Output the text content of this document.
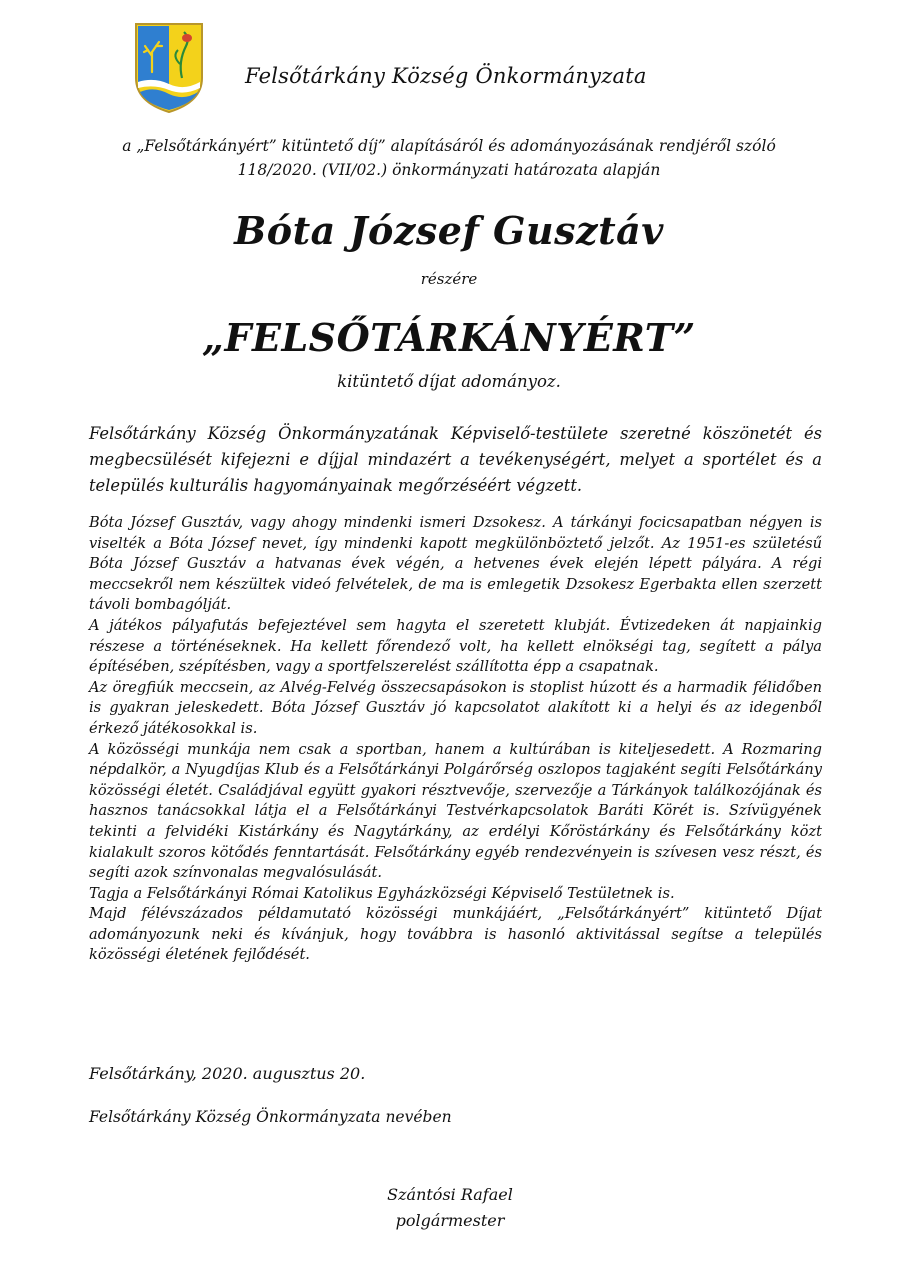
Felsőtárkány Község Önkormányzata
a „Felsőtárkányért” kitüntető díj” alapításáról és adományozásának rendjéről szóló
118/2020. (VII/02.) önkormányzati határozata alapján
Bóta József Gusztáv
részére
„FELSŐTÁRKÁNYÉRT”
kitüntető díjat adományoz.
Felsőtárkány Község Önkormányzatának Képviselő-testülete szeretné köszönetét és megbecsülését kifejezni e díjjal mindazért a tevékenységért, melyet a sportélet és a település kulturális hagyományainak megőrzéséért végzett.

Bóta József Gusztáv, vagy ahogy mindenki ismeri Dzsokesz. A tárkányi focicsapatban négyen is viselték a Bóta József nevet, így mindenki kapott megkülönböztető jelzőt. Az 1951-es születésű Bóta József Gusztáv a hatvanas évek végén, a hetvenes évek elején lépett pályára. A régi meccsekről nem készültek videó felvételek, de ma is emlegetik Dzsokesz Egerbakta ellen szerzett távoli bombagólját.

A játékos pályafutás befejeztével sem hagyta el szeretett klubját. Évtizedeken át napjainkig részese a történéseknek. Ha kellett főrendező volt, ha kellett elnökségi tag, segített a pálya építésében, szépítésben, vagy a sportfelszerelést szállította épp a csapatnak.

Az öregfiúk meccsein, az Alvég-Felvég összecsapásokon is stoplist húzott és a harmadik félidőben is gyakran jeleskedett. Bóta József Gusztáv jó kapcsolatot alakított ki a helyi és az idegenből érkező játékosokkal is.

A közösségi munkája nem csak a sportban, hanem a kultúrában is kiteljesedett. A Rozmaring népdalkör, a Nyugdíjas Klub és a Felsőtárkányi Polgárőrség oszlopos tagjaként segíti Felsőtárkány közösségi életét. Családjával együtt gyakori résztvevője, szervezője a Tárkányok találkozójának és hasznos tanácsokkal látja el a Felsőtárkányi Testvérkapcsolatok Baráti Körét is. Szívügyének tekinti a felvidéki Kistárkány és Nagytárkány, az erdélyi Kőröstárkány és Felsőtárkány közt kialakult szoros kötődés fenntartását. Felsőtárkány egyéb rendezvényein is szívesen vesz részt, és segíti azok színvonalas megvalósulását.

Tagja a Felsőtárkányi Római Katolikus Egyházközségi Képviselő Testületnek is.

Majd félévszázados példamutató közösségi munkájáért, „Felsőtárkányért” kitüntető Díjat adományozunk neki és kívánjuk, hogy továbbra is hasonló aktivitással segítse a település közösségi életének fejlődését.

Felsőtárkány, 2020. augusztus 20.
Felsőtárkány Község Önkormányzata nevében
Szántósi Rafael
polgármester
